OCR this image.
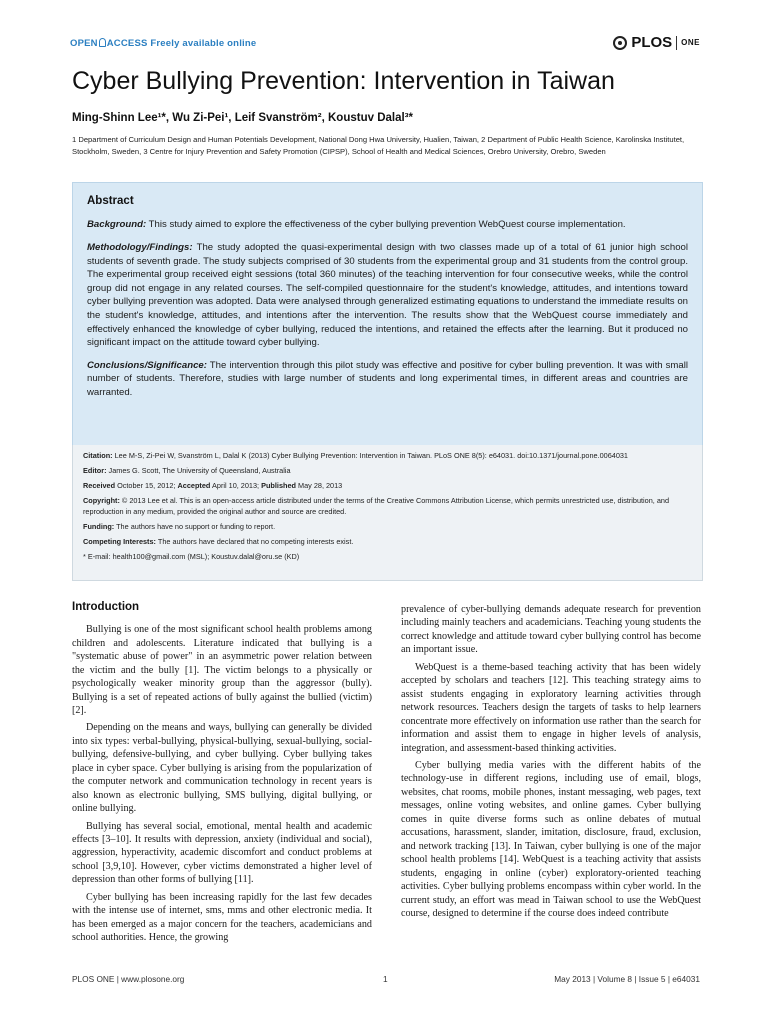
OPEN ACCESS Freely available online	PLOS ONE
Cyber Bullying Prevention: Intervention in Taiwan
Ming-Shinn Lee¹*, Wu Zi-Pei¹, Leif Svanström², Koustuv Dalal³*
1 Department of Curriculum Design and Human Potentials Development, National Dong Hwa University, Hualien, Taiwan, 2 Department of Public Health Science, Karolinska Institutet, Stockholm, Sweden, 3 Centre for Injury Prevention and Safety Promotion (CIPSP), School of Health and Medical Sciences, Orebro University, Orebro, Sweden
Abstract

Background: This study aimed to explore the effectiveness of the cyber bullying prevention WebQuest course implementation.

Methodology/Findings: The study adopted the quasi-experimental design with two classes made up of a total of 61 junior high school students of seventh grade. The study subjects comprised of 30 students from the experimental group and 31 students from the control group. The experimental group received eight sessions (total 360 minutes) of the teaching intervention for four consecutive weeks, while the control group did not engage in any related courses. The self-compiled questionnaire for the student's knowledge, attitudes, and intentions toward cyber bullying prevention was adopted. Data were analysed through generalized estimating equations to understand the immediate results on the student's knowledge, attitudes, and intentions after the intervention. The results show that the WebQuest course immediately and effectively enhanced the knowledge of cyber bullying, reduced the intentions, and retained the effects after the learning. But it produced no significant impact on the attitude toward cyber bullying.

Conclusions/Significance: The intervention through this pilot study was effective and positive for cyber bulling prevention. It was with small number of students. Therefore, studies with large number of students and long experimental times, in different areas and countries are warranted.

Citation: Lee M-S, Zi-Pei W, Svanström L, Dalal K (2013) Cyber Bullying Prevention: Intervention in Taiwan. PLoS ONE 8(5): e64031. doi:10.1371/journal.pone.0064031

Editor: James G. Scott, The University of Queensland, Australia

Received October 15, 2012; Accepted April 10, 2013; Published May 28, 2013

Copyright: © 2013 Lee et al. This is an open-access article distributed under the terms of the Creative Commons Attribution License, which permits unrestricted use, distribution, and reproduction in any medium, provided the original author and source are credited.

Funding: The authors have no support or funding to report.

Competing Interests: The authors have declared that no competing interests exist.

* E-mail: health100@gmail.com (MSL); Koustuv.dalal@oru.se (KD)

Introduction

Bullying is one of the most significant school health problems among children and adolescents. Literature indicated that bullying is a "systematic abuse of power" in an asymmetric power relation between the victim and the bully [1]. The victim belongs to a physically or psychologically weaker minority group than the aggressor (bully). Bullying is a set of repeated actions of bully against the bullied (victim) [2].

Depending on the means and ways, bullying can generally be divided into six types: verbal-bullying, physical-bullying, sexual-bullying, social-bullying, defensive-bullying, and cyber bullying. Cyber bullying takes place in cyber space. Cyber bullying is arising from the popularization of the computer network and communication technology in recent years is also known as electronic bullying, SMS bullying, digital bullying, or online bullying.

Bullying has several social, emotional, mental health and academic effects [3–10]. It results with depression, anxiety (individual and social), aggression, hyperactivity, academic discomfort and conduct problems at school [3,9,10]. However, cyber victims demonstrated a higher level of depression than other forms of bullying [11].

Cyber bullying has been increasing rapidly for the last few decades with the intense use of internet, sms, mms and other electronic media. It has been emerged as a major concern for the teachers, academicians and school authorities. Hence, the growing

prevalence of cyber-bullying demands adequate research for prevention including mainly teachers and academicians. Teaching young students the correct knowledge and attitude toward cyber bullying control has become an important issue.

WebQuest is a theme-based teaching activity that has been widely accepted by scholars and teachers [12]. This teaching strategy aims to assist students engaging in exploratory learning activities through network resources. Teachers design the targets of tasks to help learners concentrate more effectively on information use rather than the search for information and assist them to engage in higher levels of analysis, integration, and assessment-based thinking activities.

Cyber bullying media varies with the different habits of the technology-use in different regions, including use of email, blogs, websites, chat rooms, mobile phones, instant messaging, web pages, text messages, online voting websites, and online games. Cyber bullying comes in quite diverse forms such as online debates of mutual accusations, harassment, slander, imitation, disclosure, fraud, exclusion, and network tracking [13]. In Taiwan, cyber bullying is one of the major school health problems [14]. WebQuest is a teaching activity that assists students, engaging in online (cyber) exploratory-oriented teaching activities. Cyber bullying problems encompass within cyber world. In the current study, an effort was mead in Taiwan school to use the WebQuest course, designed to determine if the course does indeed contribute

PLOS ONE | www.plosone.org	1	May 2013 | Volume 8 | Issue 5 | e64031
